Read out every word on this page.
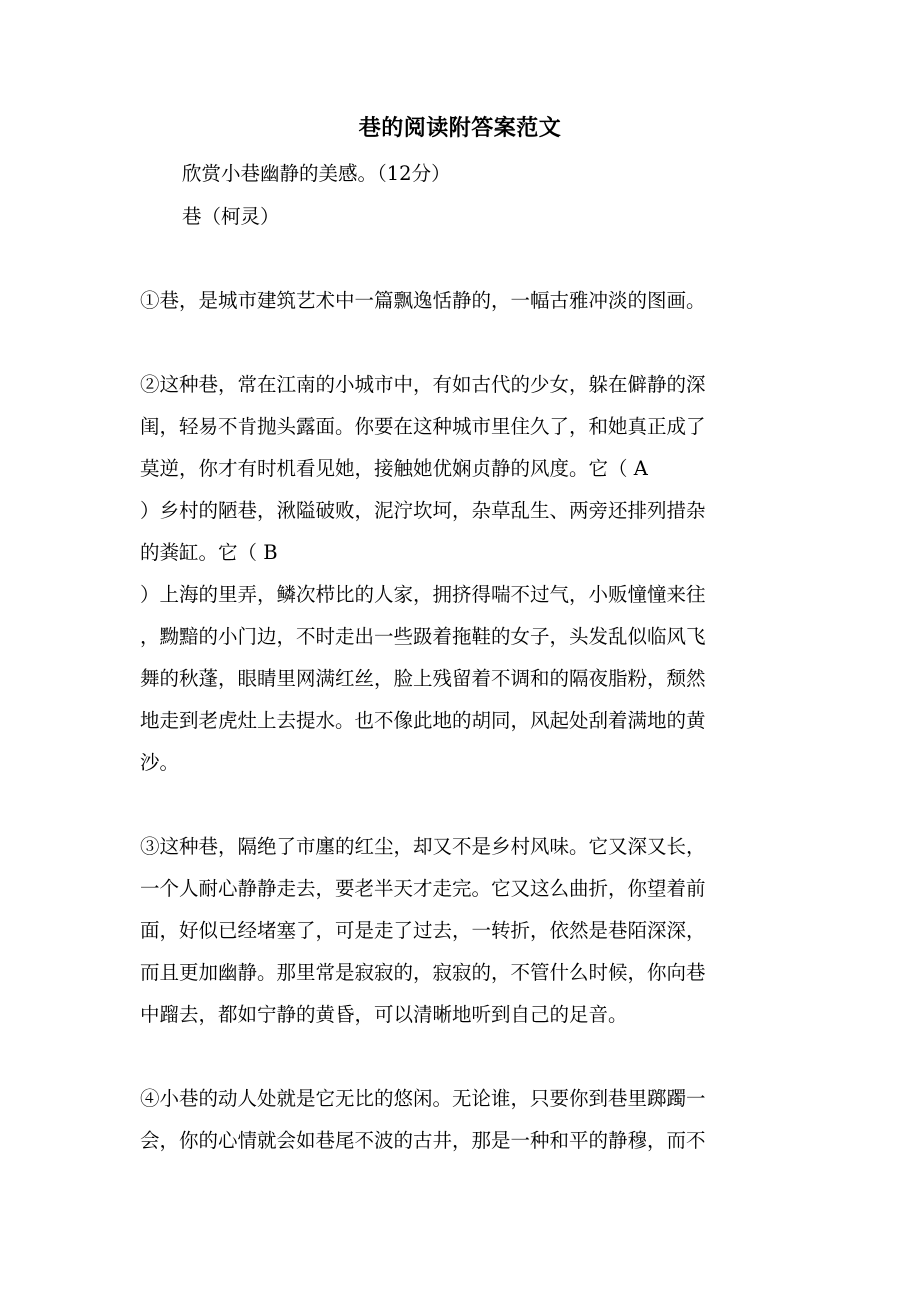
巷的阅读附答案范文
欣赏小巷幽静的美感。（12分）
巷（柯灵）
①巷，是城市建筑艺术中一篇飘逸恬静的，一幅古雅冲淡的图画。
②这种巷，常在江南的小城市中，有如古代的少女，躲在僻静的深
闺，轻易不肯抛头露面。你要在这种城市里住久了，和她真正成了
莫逆，你才有时机看见她，接触她优娴贞静的风度。它（ A
）乡村的陋巷，湫隘破败，泥泞坎坷，杂草乱生、两旁还排列措杂
的粪缸。它（ B
）上海的里弄，鳞次栉比的人家，拥挤得喘不过气，小贩憧憧来往
，黝黯的小门边，不时走出一些趿着拖鞋的女子，头发乱似临风飞
舞的秋蓬，眼睛里网满红丝，脸上残留着不调和的隔夜脂粉，颓然
地走到老虎灶上去提水。也不像此地的胡同，风起处刮着满地的黄
沙。
③这种巷，隔绝了市廛的红尘，却又不是乡村风味。它又深又长，
一个人耐心静静走去，要老半天才走完。它又这么曲折，你望着前
面，好似已经堵塞了，可是走了过去，一转折，依然是巷陌深深，
而且更加幽静。那里常是寂寂的，寂寂的，不管什么时候，你向巷
中蹓去，都如宁静的黄昏，可以清晰地听到自己的足音。
④小巷的动人处就是它无比的悠闲。无论谁，只要你到巷里踯躅一
会，你的心情就会如巷尾不波的古井，那是一种和平的静穆，而不
